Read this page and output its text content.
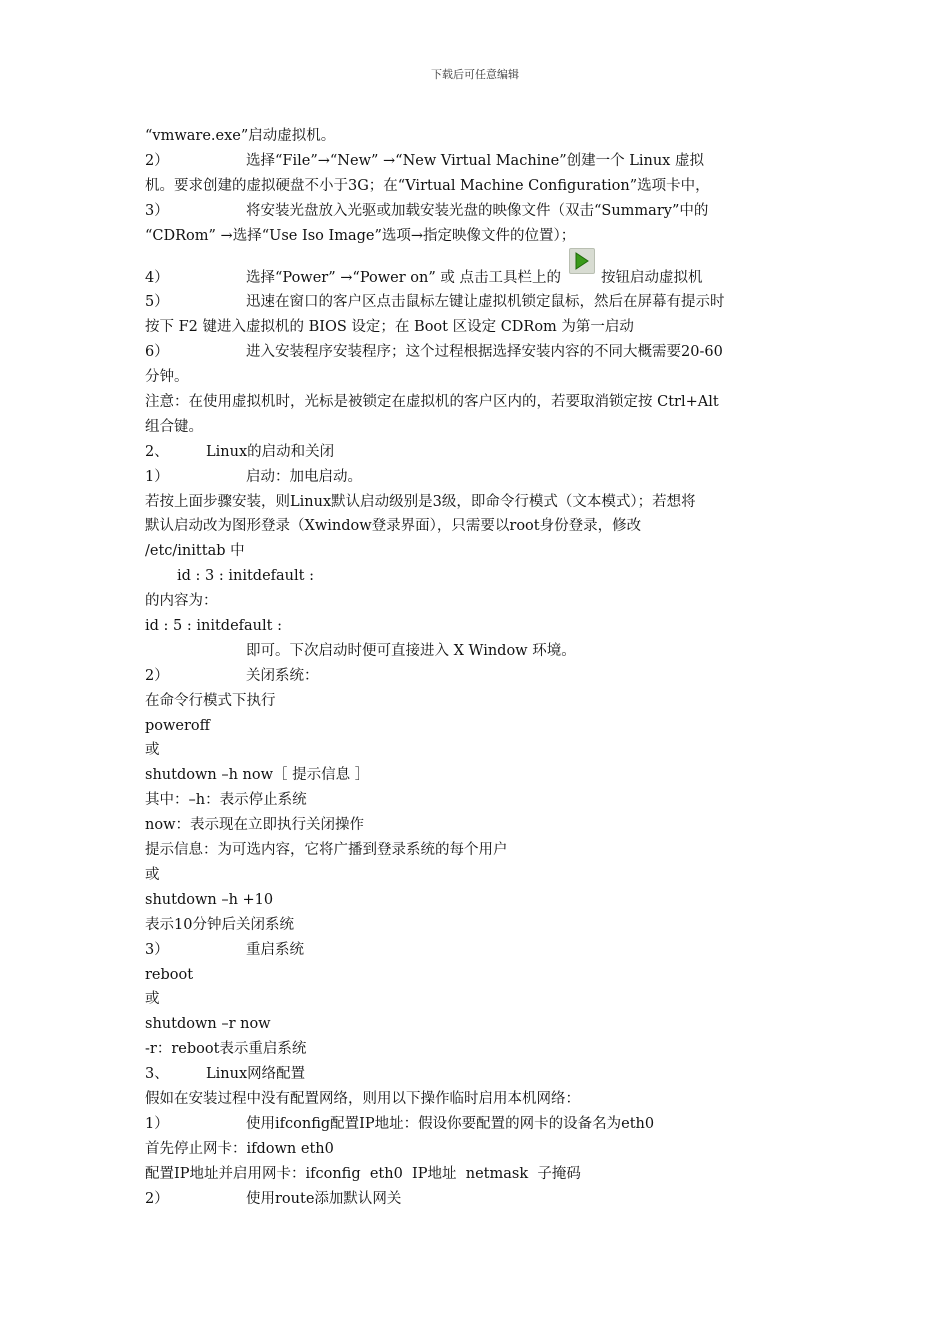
下载后可任意编辑
“vmware.exe”启动虚拟机。
2）	选择“File”→“New” →“New Virtual Machine”创建一个 Linux 虚拟
机。要求创建的虚拟硬盘不小于3G；在“Virtual Machine Configuration”选项卡中，
3）	将安装光盘放入光驱或加载安装光盘的映像文件（双击“Summary”中的
“CDRom” →选择“Use Iso Image”选项→指定映像文件的位置）；
4）	选择“Power” →“Power on” 或 点击工具栏上的	按钮启动虚拟机
5）	迅速在窗口的客户区点击鼠标左键让虚拟机锁定鼠标，然后在屏幕有提示时
按下 F2 键进入虚拟机的 BIOS 设定；在 Boot 区设定 CDRom 为第一启动
6）	进入安装程序安装程序；这个过程根据选择安装内容的不同大概需要20-60
分钟。
注意：在使用虚拟机时，光标是被锁定在虚拟机的客户区内的，若要取消锁定按 Ctrl+Alt
组合键。
2、	Linux的启动和关闭
1）	启动：加电启动。
若按上面步骤安装，则Linux默认启动级别是3级，即命令行模式（文本模式）；若想将
默认启动改为图形登录（Xwindow登录界面），只需要以root身份登录，修改
/etc/inittab 中
id : 3 : initdefault :
的内容为：
id : 5 : initdefault :
即可。下次启动时便可直接进入 X Window 环境。
2）	关闭系统：
在命令行模式下执行
poweroff
或
shutdown –h now［ 提示信息 ］
其中：–h：表示停止系统
now：表示现在立即执行关闭操作
提示信息：为可选内容，它将广播到登录系统的每个用户
或
shutdown –h +10
表示10分钟后关闭系统
3）	重启系统
reboot
或
shutdown –r now
-r：reboot表示重启系统
3、	Linux网络配置
假如在安装过程中没有配置网络，则用以下操作临时启用本机网络：
1）	使用ifconfig配置IP地址：假设你要配置的网卡的设备名为eth0
首先停止网卡：ifdown eth0
配置IP地址并启用网卡：ifconfig  eth0  IP地址  netmask  子掩码
2）	使用route添加默认网关
